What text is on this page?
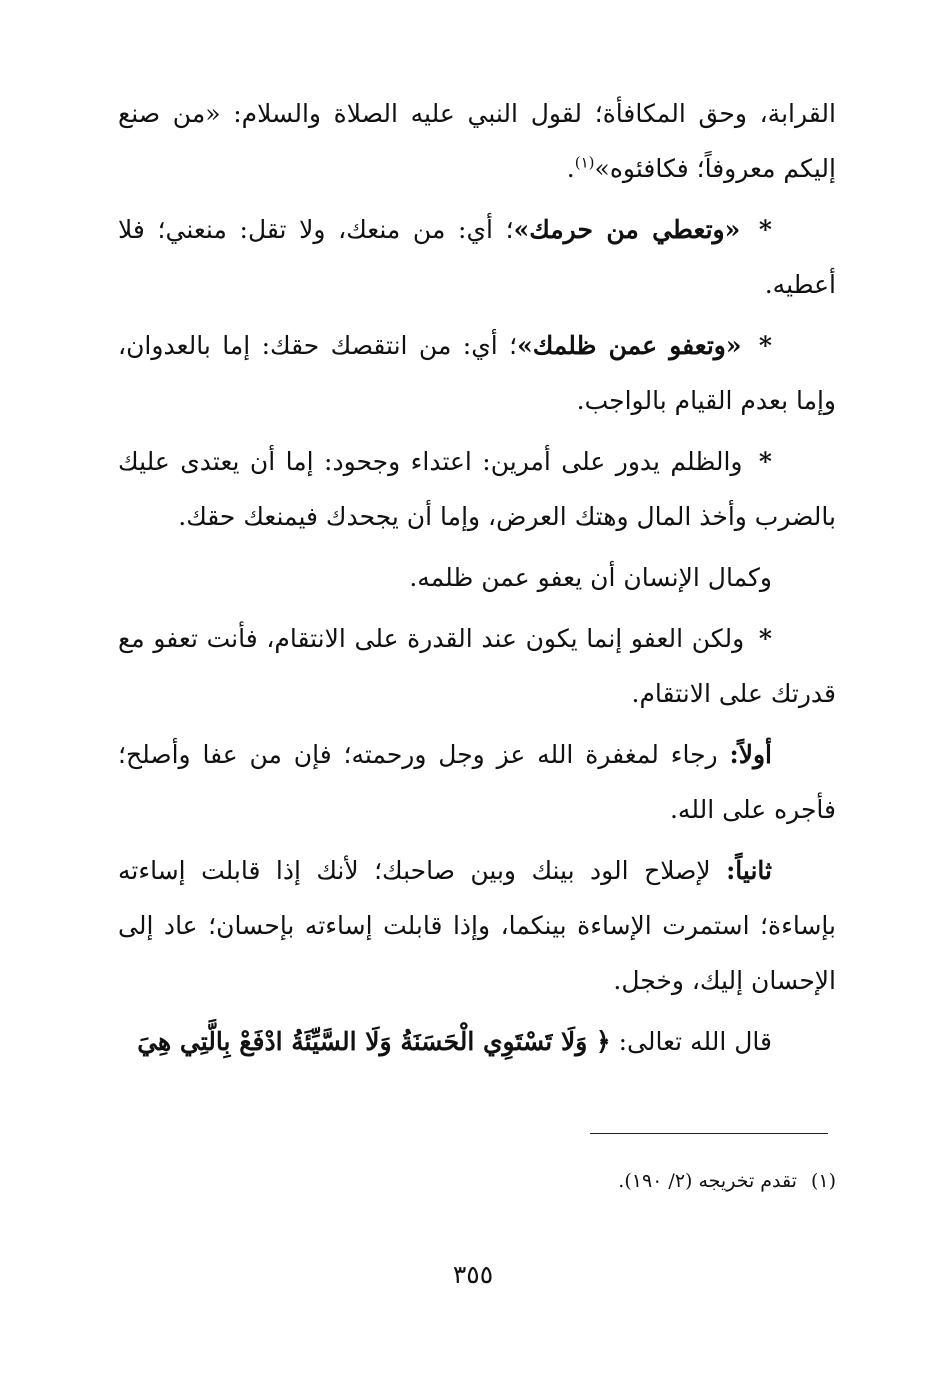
القرابة، وحق المكافأة؛ لقول النبي عليه الصلاة والسلام: «من صنع إليكم معروفاً؛ فكافئوه»$^{(١)}$.

* «وتعطي من حرمك»؛ أي: من منعك، ولا تقل: منعني؛ فلا أعطيه.

* «وتعفو عمن ظلمك»؛ أي: من انتقصك حقك: إما بالعدوان، وإما بعدم القيام بالواجب.

* والظلم يدور على أمرين: اعتداء وجحود: إما أن يعتدى عليك بالضرب وأخذ المال وهتك العرض، وإما أن يجحدك فيمنعك حقك.

وكمال الإنسان أن يعفو عمن ظلمه.

* ولكن العفو إنما يكون عند القدرة على الانتقام، فأنت تعفو مع قدرتك على الانتقام.

أولاً: رجاء لمغفرة الله عز وجل ورحمته؛ فإن من عفا وأصلح؛ فأجره على الله.

ثانياً: لإصلاح الود بينك وبين صاحبك؛ لأنك إذا قابلت إساءته بإساءة؛ استمرت الإساءة بينكما، وإذا قابلت إساءته بإحسان؛ عاد إلى الإحسان إليك، وخجل.

قال الله تعالى: ﴿ وَلَا تَسْتَوِي الْحَسَنَةُ وَلَا السَّيِّئَةُ ادْفَعْ بِالَّتِي هِيَ

(١)تقدم تخريجه (٢/ ١٩٠).
٣٥٥
